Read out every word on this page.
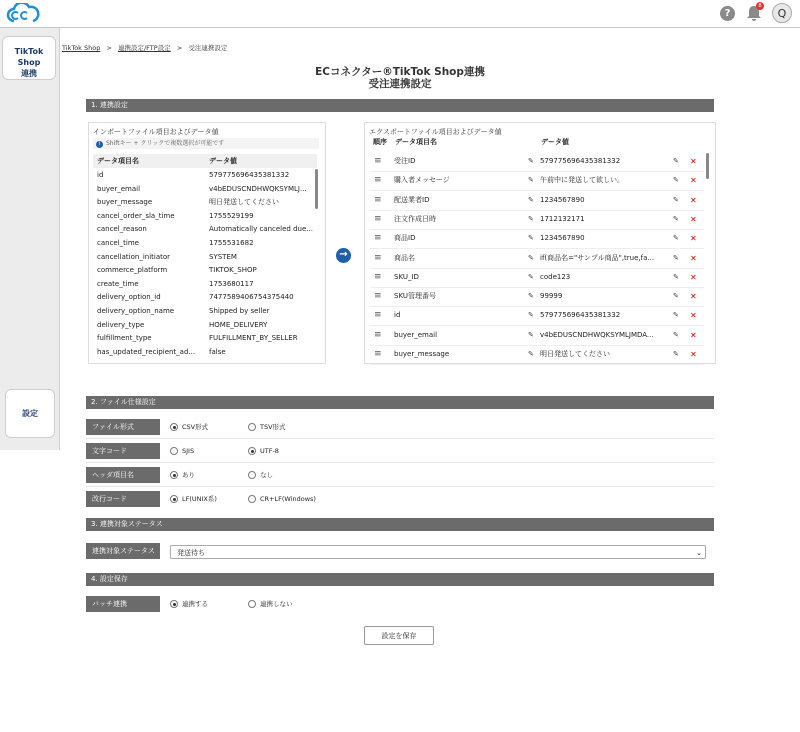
?
8
Q
TikTok Shop
連携
設定
TikTok Shop > 連携設定/FTP設定 > 受注連携設定
ECコネクター®TikTok Shop連携
受注連携設定
1. 連携設定
インポートファイル項目およびデータ値
i Shiftキー + クリックで複数選択が可能です
データ項目名	データ値
id	579775696435381332
buyer_email	v4bEDUSCNDHWQKSYMLJ...
buyer_message	明日発送してください
cancel_order_sla_time	1755529199
cancel_reason	Automatically canceled due...
cancel_time	1755531682
cancellation_initiator	SYSTEM
commerce_platform	TIKTOK_SHOP
create_time	1753680117
delivery_option_id	7477589406754375440
delivery_option_name	Shipped by seller
delivery_type	HOME_DELIVERY
fulfillment_type	FULFILLMENT_BY_SELLER
has_updated_recipient_ad...	false
→
エクスポートファイル項目およびデータ値
順序 データ項目名	データ値
≡ 受注ID	✎ 579775696435381332	✎ ✕
≡ 購入者メッセージ	✎ 午前中に発送して欲しい。	✎ ✕
≡ 配送業者ID	✎ 1234567890	✎ ✕
≡ 注文作成日時	✎ 1712132171	✎ ✕
≡ 商品ID	✎ 1234567890	✎ ✕
≡ 商品名	✎ if(商品名="サンプル商品",true,fa...	✎ ✕
≡ SKU_ID	✎ code123	✎ ✕
≡ SKU管理番号	✎ 99999	✎ ✕
≡ id	✎ 579775696435381332	✎ ✕
≡ buyer_email	✎ v4bEDUSCNDHWQKSYMLJMDA...	✎ ✕
≡ buyer_message	✎ 明日発送してください	✎ ✕
2. ファイル仕様設定
ファイル形式	CSV形式	TSV形式
文字コード	SJIS	UTF-8
ヘッダ項目名	あり	なし
改行コード	LF(UNIX系)	CR+LF(Windows)
3. 連携対象ステータス
連携対象ステータス	発送待ち	⌄
4. 設定保存
バッチ連携	連携する	連携しない
設定を保存
